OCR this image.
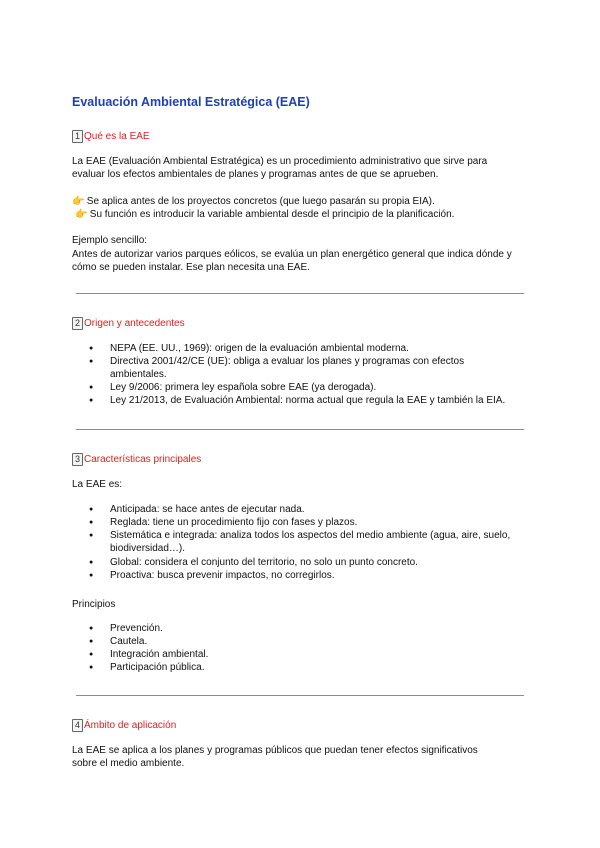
Evaluación Ambiental Estratégica (EAE)
1 Qué es la EAE
La EAE (Evaluación Ambiental Estratégica) es un procedimiento administrativo que sirve para
evaluar los efectos ambientales de planes y programas antes de que se aprueben.
👉 Se aplica antes de los proyectos concretos (que luego pasarán su propia EIA).
👉 Su función es introducir la variable ambiental desde el principio de la planificación.
Ejemplo sencillo:
Antes de autorizar varios parques eólicos, se evalúa un plan energético general que indica dónde y
cómo se pueden instalar. Ese plan necesita una EAE.
2 Origen y antecedentes
● NEPA (EE. UU., 1969): origen de la evaluación ambiental moderna.
● Directiva 2001/42/CE (UE): obliga a evaluar los planes y programas con efectos
ambientales.
● Ley 9/2006: primera ley española sobre EAE (ya derogada).
● Ley 21/2013, de Evaluación Ambiental: norma actual que regula la EAE y también la EIA.
3 Características principales
La EAE es:
● Anticipada: se hace antes de ejecutar nada.
● Reglada: tiene un procedimiento fijo con fases y plazos.
● Sistemática e integrada: analiza todos los aspectos del medio ambiente (agua, aire, suelo,
biodiversidad…).
● Global: considera el conjunto del territorio, no solo un punto concreto.
● Proactiva: busca prevenir impactos, no corregirlos.
Principios
● Prevención.
● Cautela.
● Integración ambiental.
● Participación pública.
4 Ámbito de aplicación
La EAE se aplica a los planes y programas públicos que puedan tener efectos significativos
sobre el medio ambiente.
